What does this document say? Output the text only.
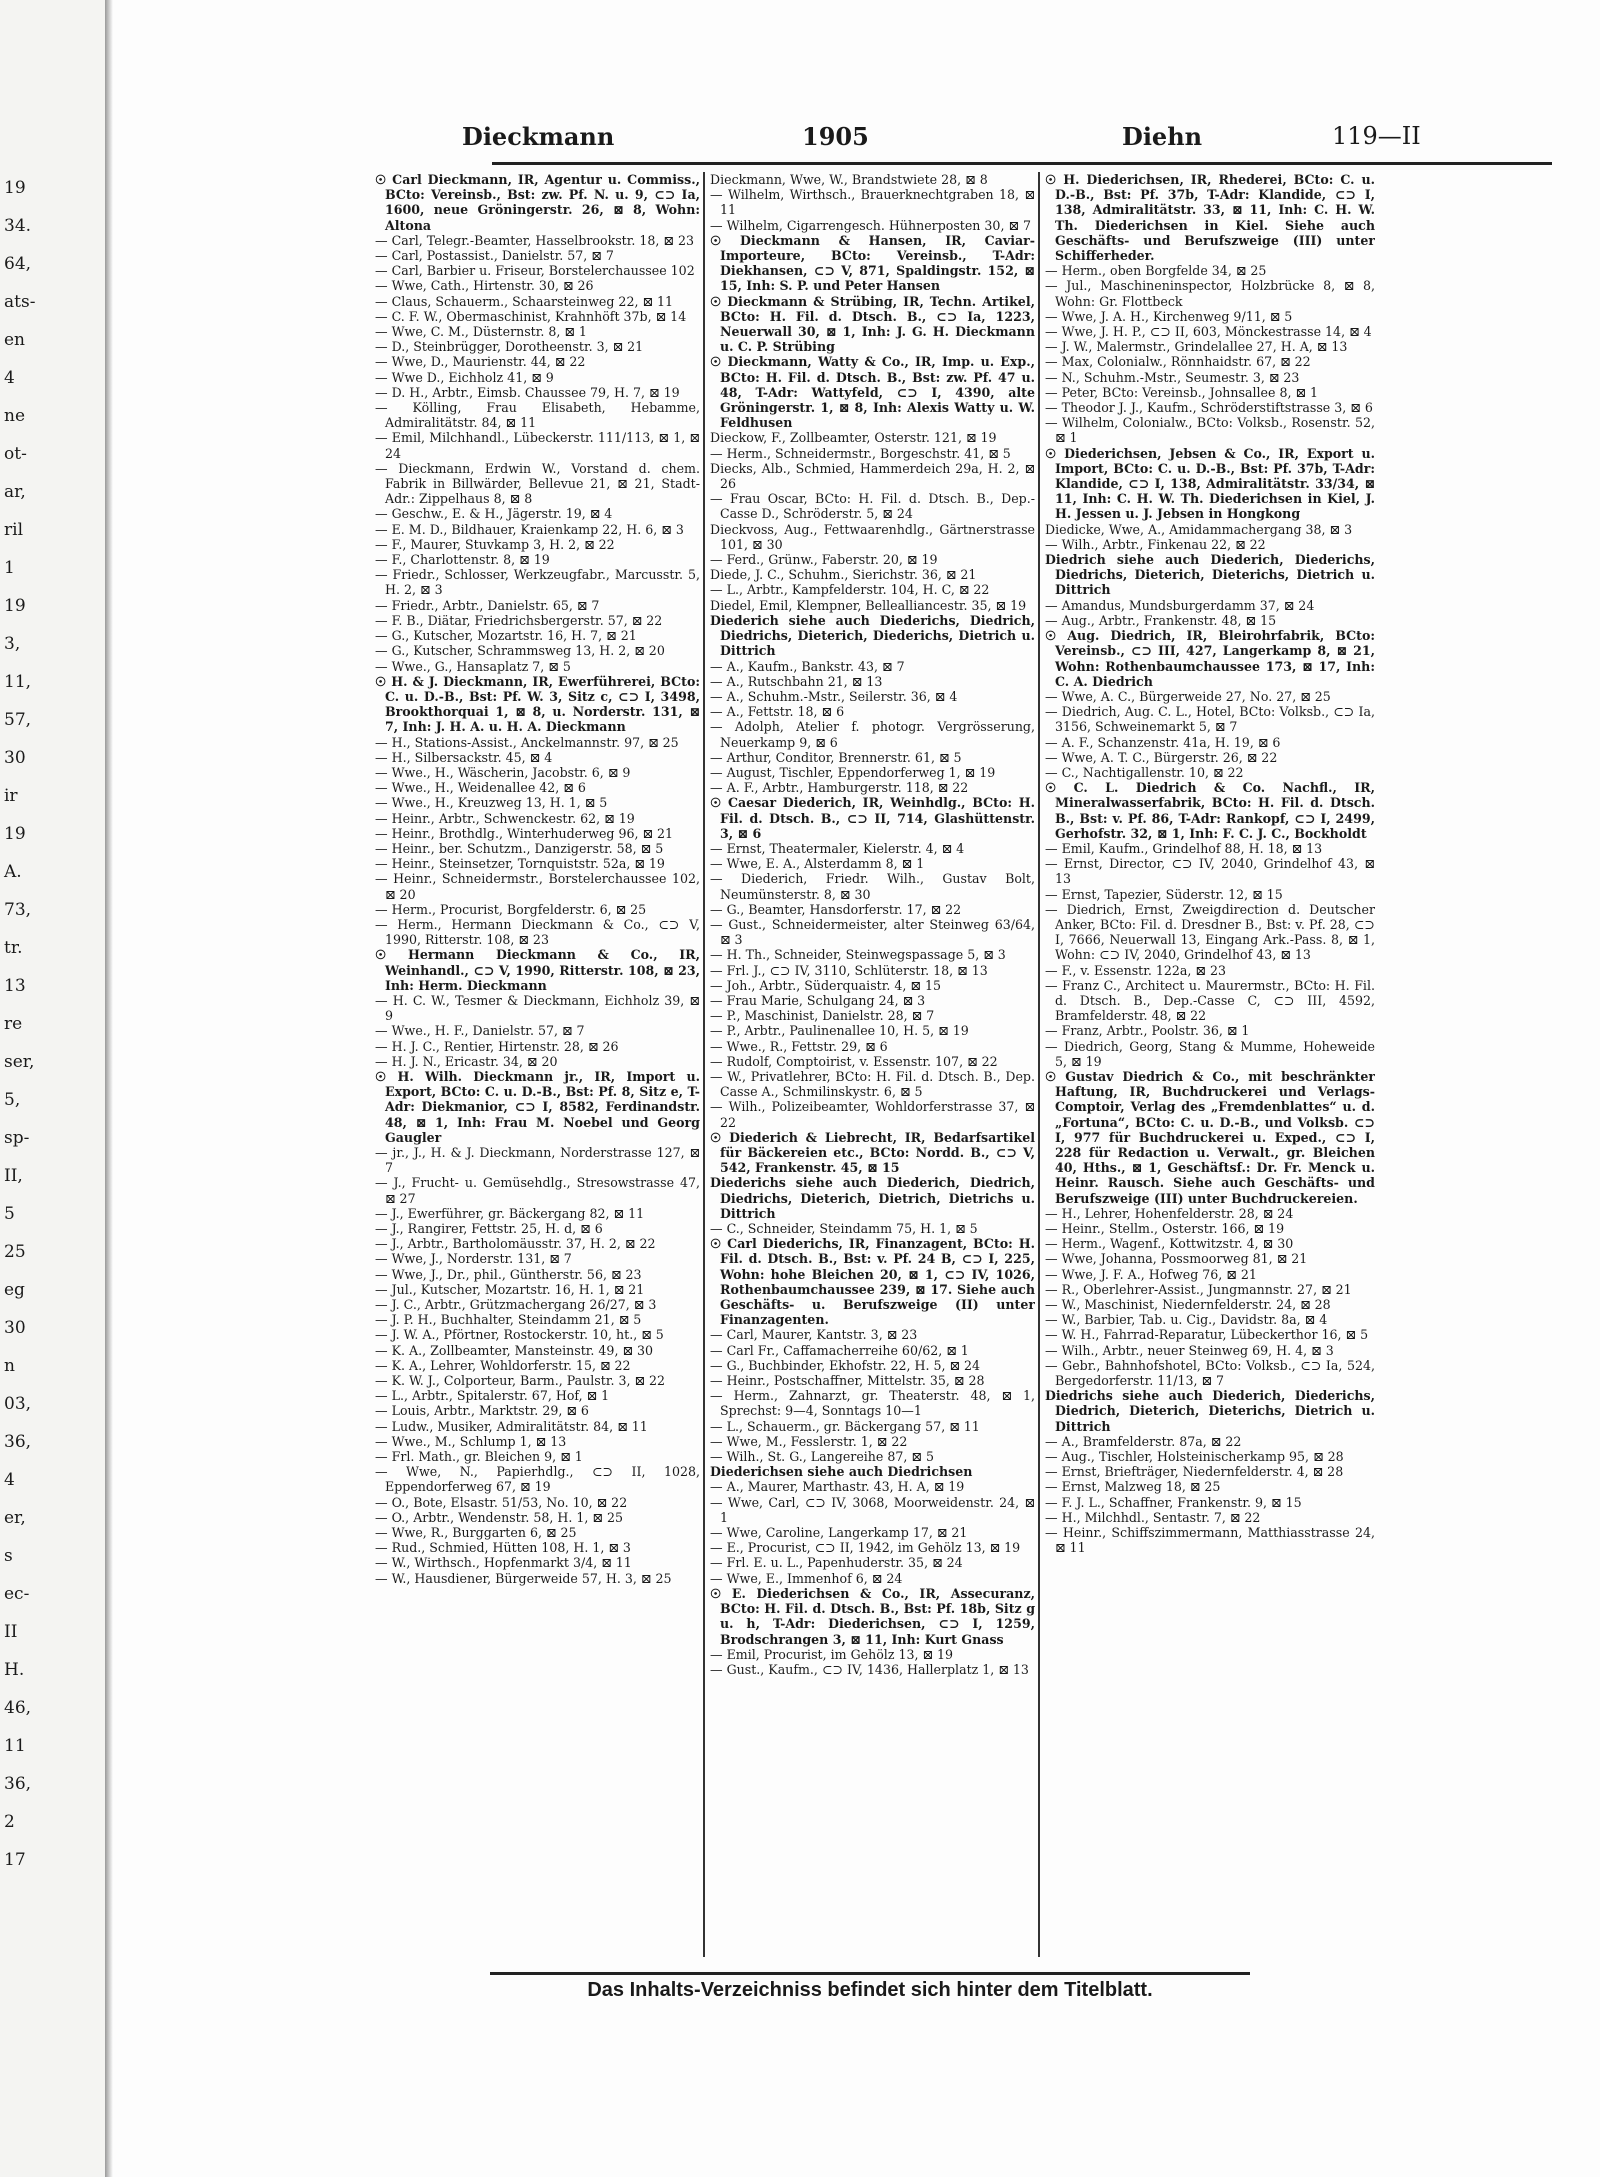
19
34.
64,
ats-
en
4
ne
ot-
ar,
ril
1
19
3,
11,
57,
30
ir
19
A.
73,
tr.
13
re
ser,
5,
sp-
II,
5
25
eg
30
n
03,
36,
4
er,
s
ec-
II
H.
46,
11
36,
2
17
Dieckmann	1905	Diehn	119—II

☉ Carl Dieckmann, IR, Agentur u. Commiss., BCto: Vereinsb., Bst: zw. Pf. N. u. 9, ⊂⊃ Ia, 1600, neue Gröningerstr. 26, ⊠ 8, Wohn: Altona

— Carl, Telegr.-Beamter, Hasselbrookstr. 18, ⊠ 23

— Carl, Postassist., Danielstr. 57, ⊠ 7

— Carl, Barbier u. Friseur, Borstelerchaussee 102

— Wwe, Cath., Hirtenstr. 30, ⊠ 26

— Claus, Schauerm., Schaarsteinweg 22, ⊠ 11

— C. F. W., Obermaschinist, Krahnhöft 37b, ⊠ 14

— Wwe, C. M., Düsternstr. 8, ⊠ 1

— D., Steinbrügger, Dorotheenstr. 3, ⊠ 21

— Wwe, D., Maurienstr. 44, ⊠ 22

— Wwe D., Eichholz 41, ⊠ 9

— D. H., Arbtr., Eimsb. Chaussee 79, H. 7, ⊠ 19

— Kölling, Frau Elisabeth, Hebamme, Admiralitätstr. 84, ⊠ 11

— Emil, Milchhandl., Lübeckerstr. 111/113, ⊠ 1, ⊠ 24

— Dieckmann, Erdwin W., Vorstand d. chem. Fabrik in Billwärder, Bellevue 21, ⊠ 21, Stadt-Adr.: Zippelhaus 8, ⊠ 8

— Geschw., E. & H., Jägerstr. 19, ⊠ 4

— E. M. D., Bildhauer, Kraienkamp 22, H. 6, ⊠ 3

— F., Maurer, Stuvkamp 3, H. 2, ⊠ 22

— F., Charlottenstr. 8, ⊠ 19

— Friedr., Schlosser, Werkzeugfabr., Marcusstr. 5, H. 2, ⊠ 3

— Friedr., Arbtr., Danielstr. 65, ⊠ 7

— F. B., Diätar, Friedrichsbergerstr. 57, ⊠ 22

— G., Kutscher, Mozartstr. 16, H. 7, ⊠ 21

— G., Kutscher, Schrammsweg 13, H. 2, ⊠ 20

— Wwe., G., Hansaplatz 7, ⊠ 5

☉ H. & J. Dieckmann, IR, Ewerführerei, BCto: C. u. D.-B., Bst: Pf. W. 3, Sitz c, ⊂⊃ I, 3498, Brookthorquai 1, ⊠ 8, u. Norderstr. 131, ⊠ 7, Inh: J. H. A. u. H. A. Dieckmann

— H., Stations-Assist., Anckelmannstr. 97, ⊠ 25

— H., Silbersackstr. 45, ⊠ 4

— Wwe., H., Wäscherin, Jacobstr. 6, ⊠ 9

— Wwe., H., Weidenallee 42, ⊠ 6

— Wwe., H., Kreuzweg 13, H. 1, ⊠ 5

— Heinr., Arbtr., Schwenckestr. 62, ⊠ 19

— Heinr., Brothdlg., Winterhuderweg 96, ⊠ 21

— Heinr., ber. Schutzm., Danzigerstr. 58, ⊠ 5

— Heinr., Steinsetzer, Tornquiststr. 52a, ⊠ 19

— Heinr., Schneidermstr., Borstelerchaussee 102, ⊠ 20

— Herm., Procurist, Borgfelderstr. 6, ⊠ 25

— Herm., Hermann Dieckmann & Co., ⊂⊃ V, 1990, Ritterstr. 108, ⊠ 23

☉ Hermann Dieckmann & Co., IR, Weinhandl., ⊂⊃ V, 1990, Ritterstr. 108, ⊠ 23, Inh: Herm. Dieckmann

— H. C. W., Tesmer & Dieckmann, Eichholz 39, ⊠ 9

— Wwe., H. F., Danielstr. 57, ⊠ 7

— H. J. C., Rentier, Hirtenstr. 28, ⊠ 26

— H. J. N., Ericastr. 34, ⊠ 20

☉ H. Wilh. Dieckmann jr., IR, Import u. Export, BCto: C. u. D.-B., Bst: Pf. 8, Sitz e, T-Adr: Diekmanior, ⊂⊃ I, 8582, Ferdinandstr. 48, ⊠ 1, Inh: Frau M. Noebel und Georg Gaugler

— jr., J., H. & J. Dieckmann, Norderstrasse 127, ⊠ 7

— J., Frucht- u. Gemüsehdlg., Stresowstrasse 47, ⊠ 27

— J., Ewerführer, gr. Bäckergang 82, ⊠ 11

— J., Rangirer, Fettstr. 25, H. d, ⊠ 6

— J., Arbtr., Bartholomäusstr. 37, H. 2, ⊠ 22

— Wwe, J., Norderstr. 131, ⊠ 7

— Wwe, J., Dr., phil., Güntherstr. 56, ⊠ 23

— Jul., Kutscher, Mozartstr. 16, H. 1, ⊠ 21

— J. C., Arbtr., Grützmachergang 26/27, ⊠ 3

— J. P. H., Buchhalter, Steindamm 21, ⊠ 5

— J. W. A., Pförtner, Rostockerstr. 10, ht., ⊠ 5

— K. A., Zollbeamter, Mansteinstr. 49, ⊠ 30

— K. A., Lehrer, Wohldorferstr. 15, ⊠ 22

— K. W. J., Colporteur, Barm., Paulstr. 3, ⊠ 22

— L., Arbtr., Spitalerstr. 67, Hof, ⊠ 1

— Louis, Arbtr., Marktstr. 29, ⊠ 6

— Ludw., Musiker, Admiralitätstr. 84, ⊠ 11

— Wwe., M., Schlump 1, ⊠ 13

— Frl. Math., gr. Bleichen 9, ⊠ 1

— Wwe, N., Papierhdlg., ⊂⊃ II, 1028, Eppendorferweg 67, ⊠ 19

— O., Bote, Elsastr. 51/53, No. 10, ⊠ 22

— O., Arbtr., Wendenstr. 58, H. 1, ⊠ 25

— Wwe, R., Burggarten 6, ⊠ 25

— Rud., Schmied, Hütten 108, H. 1, ⊠ 3

— W., Wirthsch., Hopfenmarkt 3/4, ⊠ 11

— W., Hausdiener, Bürgerweide 57, H. 3, ⊠ 25

Dieckmann, Wwe, W., Brandstwiete 28, ⊠ 8

— Wilhelm, Wirthsch., Brauerknechtgraben 18, ⊠ 11

— Wilhelm, Cigarrengesch. Hühnerposten 30, ⊠ 7

☉ Dieckmann & Hansen, IR, Caviar-Importeure, BCto: Vereinsb., T-Adr: Diekhansen, ⊂⊃ V, 871, Spaldingstr. 152, ⊠ 15, Inh: S. P. und Peter Hansen

☉ Dieckmann & Strübing, IR, Techn. Artikel, BCto: H. Fil. d. Dtsch. B., ⊂⊃ Ia, 1223, Neuerwall 30, ⊠ 1, Inh: J. G. H. Dieckmann u. C. P. Strübing

☉ Dieckmann, Watty & Co., IR, Imp. u. Exp., BCto: H. Fil. d. Dtsch. B., Bst: zw. Pf. 47 u. 48, T-Adr: Wattyfeld, ⊂⊃ I, 4390, alte Gröningerstr. 1, ⊠ 8, Inh: Alexis Watty u. W. Feldhusen

Dieckow, F., Zollbeamter, Osterstr. 121, ⊠ 19

— Herm., Schneidermstr., Borgeschstr. 41, ⊠ 5

Diecks, Alb., Schmied, Hammerdeich 29a, H. 2, ⊠ 26

— Frau Oscar, BCto: H. Fil. d. Dtsch. B., Dep.-Casse D., Schröderstr. 5, ⊠ 24

Dieckvoss, Aug., Fettwaarenhdlg., Gärtnerstrasse 101, ⊠ 30

— Ferd., Grünw., Faberstr. 20, ⊠ 19

Diede, J. C., Schuhm., Sierichstr. 36, ⊠ 21

— L., Arbtr., Kampfelderstr. 104, H. C, ⊠ 22

Diedel, Emil, Klempner, Bellealliancestr. 35, ⊠ 19

Diederich siehe auch Diederichs, Diedrich, Diedrichs, Dieterich, Diederichs, Dietrich u. Dittrich

— A., Kaufm., Bankstr. 43, ⊠ 7

— A., Rutschbahn 21, ⊠ 13

— A., Schuhm.-Mstr., Seilerstr. 36, ⊠ 4

— A., Fettstr. 18, ⊠ 6

— Adolph, Atelier f. photogr. Vergrösserung, Neuerkamp 9, ⊠ 6

— Arthur, Conditor, Brennerstr. 61, ⊠ 5

— August, Tischler, Eppendorferweg 1, ⊠ 19

— A. F., Arbtr., Hamburgerstr. 118, ⊠ 22

☉ Caesar Diederich, IR, Weinhdlg., BCto: H. Fil. d. Dtsch. B., ⊂⊃ II, 714, Glashüttenstr. 3, ⊠ 6

— Ernst, Theatermaler, Kielerstr. 4, ⊠ 4

— Wwe, E. A., Alsterdamm 8, ⊠ 1

— Diederich, Friedr. Wilh., Gustav Bolt, Neumünsterstr. 8, ⊠ 30

— G., Beamter, Hansdorferstr. 17, ⊠ 22

— Gust., Schneidermeister, alter Steinweg 63/64, ⊠ 3

— H. Th., Schneider, Steinwegspassage 5, ⊠ 3

— Frl. J., ⊂⊃ IV, 3110, Schlüterstr. 18, ⊠ 13

— Joh., Arbtr., Süderquaistr. 4, ⊠ 15

— Frau Marie, Schulgang 24, ⊠ 3

— P., Maschinist, Danielstr. 28, ⊠ 7

— P., Arbtr., Paulinenallee 10, H. 5, ⊠ 19

— Wwe., R., Fettstr. 29, ⊠ 6

— Rudolf, Comptoirist, v. Essenstr. 107, ⊠ 22

— W., Privatlehrer, BCto: H. Fil. d. Dtsch. B., Dep. Casse A., Schmilinskystr. 6, ⊠ 5

— Wilh., Polizeibeamter, Wohldorferstrasse 37, ⊠ 22

☉ Diederich & Liebrecht, IR, Bedarfsartikel für Bäckereien etc., BCto: Nordd. B., ⊂⊃ V, 542, Frankenstr. 45, ⊠ 15

Diederichs siehe auch Diederich, Diedrich, Diedrichs, Dieterich, Dietrich, Dietrichs u. Dittrich

— C., Schneider, Steindamm 75, H. 1, ⊠ 5

☉ Carl Diederichs, IR, Finanzagent, BCto: H. Fil. d. Dtsch. B., Bst: v. Pf. 24 B, ⊂⊃ I, 225, Wohn: hohe Bleichen 20, ⊠ 1, ⊂⊃ IV, 1026, Rothenbaumchaussee 239, ⊠ 17. Siehe auch Geschäfts- u. Berufszweige (II) unter Finanzagenten.

— Carl, Maurer, Kantstr. 3, ⊠ 23

— Carl Fr., Caffamacherreihe 60/62, ⊠ 1

— G., Buchbinder, Ekhofstr. 22, H. 5, ⊠ 24

— Heinr., Postschaffner, Mittelstr. 35, ⊠ 28

— Herm., Zahnarzt, gr. Theaterstr. 48, ⊠ 1, Sprechst: 9—4, Sonntags 10—1

— L., Schauerm., gr. Bäckergang 57, ⊠ 11

— Wwe, M., Fesslerstr. 1, ⊠ 22

— Wilh., St. G., Langereihe 87, ⊠ 5

Diederichsen siehe auch Diedrichsen

— A., Maurer, Marthastr. 43, H. A, ⊠ 19

— Wwe, Carl, ⊂⊃ IV, 3068, Moorweidenstr. 24, ⊠ 1

— Wwe, Caroline, Langerkamp 17, ⊠ 21

— E., Procurist, ⊂⊃ II, 1942, im Gehölz 13, ⊠ 19

— Frl. E. u. L., Papenhuderstr. 35, ⊠ 24

— Wwe, E., Immenhof 6, ⊠ 24

☉ E. Diederichsen & Co., IR, Assecuranz, BCto: H. Fil. d. Dtsch. B., Bst: Pf. 18b, Sitz g u. h, T-Adr: Diederichsen, ⊂⊃ I, 1259, Brodschrangen 3, ⊠ 11, Inh: Kurt Gnass

— Emil, Procurist, im Gehölz 13, ⊠ 19

— Gust., Kaufm., ⊂⊃ IV, 1436, Hallerplatz 1, ⊠ 13

☉ H. Diederichsen, IR, Rhederei, BCto: C. u. D.-B., Bst: Pf. 37b, T-Adr: Klandide, ⊂⊃ I, 138, Admiralitätstr. 33, ⊠ 11, Inh: C. H. W. Th. Diederichsen in Kiel. Siehe auch Geschäfts- und Berufszweige (III) unter Schifferheder.

— Herm., oben Borgfelde 34, ⊠ 25

— Jul., Maschineninspector, Holzbrücke 8, ⊠ 8, Wohn: Gr. Flottbeck

— Wwe, J. A. H., Kirchenweg 9/11, ⊠ 5

— Wwe, J. H. P., ⊂⊃ II, 603, Mönckestrasse 14, ⊠ 4

— J. W., Malermstr., Grindelallee 27, H. A, ⊠ 13

— Max, Colonialw., Rönnhaidstr. 67, ⊠ 22

— N., Schuhm.-Mstr., Seumestr. 3, ⊠ 23

— Peter, BCto: Vereinsb., Johnsallee 8, ⊠ 1

— Theodor J. J., Kaufm., Schröderstiftstrasse 3, ⊠ 6

— Wilhelm, Colonialw., BCto: Volksb., Rosenstr. 52, ⊠ 1

☉ Diederichsen, Jebsen & Co., IR, Export u. Import, BCto: C. u. D.-B., Bst: Pf. 37b, T-Adr: Klandide, ⊂⊃ I, 138, Admiralitätstr. 33/34, ⊠ 11, Inh: C. H. W. Th. Diederichsen in Kiel, J. H. Jessen u. J. Jebsen in Hongkong

Diedicke, Wwe, A., Amidammachergang 38, ⊠ 3

— Wilh., Arbtr., Finkenau 22, ⊠ 22

Diedrich siehe auch Diederich, Diederichs, Diedrichs, Dieterich, Dieterichs, Dietrich u. Dittrich

— Amandus, Mundsburgerdamm 37, ⊠ 24

— Aug., Arbtr., Frankenstr. 48, ⊠ 15

☉ Aug. Diedrich, IR, Bleirohrfabrik, BCto: Vereinsb., ⊂⊃ III, 427, Langerkamp 8, ⊠ 21, Wohn: Rothenbaumchaussee 173, ⊠ 17, Inh: C. A. Diedrich

— Wwe, A. C., Bürgerweide 27, No. 27, ⊠ 25

— Diedrich, Aug. C. L., Hotel, BCto: Volksb., ⊂⊃ Ia, 3156, Schweinemarkt 5, ⊠ 7

— A. F., Schanzenstr. 41a, H. 19, ⊠ 6

— Wwe, A. T. C., Bürgerstr. 26, ⊠ 22

— C., Nachtigallenstr. 10, ⊠ 22

☉ C. L. Diedrich & Co. Nachfl., IR, Mineralwasserfabrik, BCto: H. Fil. d. Dtsch. B., Bst: v. Pf. 86, T-Adr: Rankopf, ⊂⊃ I, 2499, Gerhofstr. 32, ⊠ 1, Inh: F. C. J. C., Bockholdt

— Emil, Kaufm., Grindelhof 88, H. 18, ⊠ 13

— Ernst, Director, ⊂⊃ IV, 2040, Grindelhof 43, ⊠ 13

— Ernst, Tapezier, Süderstr. 12, ⊠ 15

— Diedrich, Ernst, Zweigdirection d. Deutscher Anker, BCto: Fil. d. Dresdner B., Bst: v. Pf. 28, ⊂⊃ I, 7666, Neuerwall 13, Eingang Ark.-Pass. 8, ⊠ 1, Wohn: ⊂⊃ IV, 2040, Grindelhof 43, ⊠ 13

— F., v. Essenstr. 122a, ⊠ 23

— Franz C., Architect u. Maurermstr., BCto: H. Fil. d. Dtsch. B., Dep.-Casse C, ⊂⊃ III, 4592, Bramfelderstr. 48, ⊠ 22

— Franz, Arbtr., Poolstr. 36, ⊠ 1

— Diedrich, Georg, Stang & Mumme, Hoheweide 5, ⊠ 19

☉ Gustav Diedrich & Co., mit beschränkter Haftung, IR, Buchdruckerei und Verlags-Comptoir, Verlag des „Fremdenblattes“ u. d. „Fortuna“, BCto: C. u. D.-B., und Volksb. ⊂⊃ I, 977 für Buchdruckerei u. Exped., ⊂⊃ I, 228 für Redaction u. Verwalt., gr. Bleichen 40, Hths., ⊠ 1, Geschäftsf.: Dr. Fr. Menck u. Heinr. Rausch. Siehe auch Geschäfts- und Berufszweige (III) unter Buchdruckereien.

— H., Lehrer, Hohenfelderstr. 28, ⊠ 24

— Heinr., Stellm., Osterstr. 166, ⊠ 19

— Herm., Wagenf., Kottwitzstr. 4, ⊠ 30

— Wwe, Johanna, Possmoorweg 81, ⊠ 21

— Wwe, J. F. A., Hofweg 76, ⊠ 21

— R., Oberlehrer-Assist., Jungmannstr. 27, ⊠ 21

— W., Maschinist, Niedernfelderstr. 24, ⊠ 28

— W., Barbier, Tab. u. Cig., Davidstr. 8a, ⊠ 4

— W. H., Fahrrad-Reparatur, Lübeckerthor 16, ⊠ 5

— Wilh., Arbtr., neuer Steinweg 69, H. 4, ⊠ 3

— Gebr., Bahnhofshotel, BCto: Volksb., ⊂⊃ Ia, 524, Bergedorferstr. 11/13, ⊠ 7

Diedrichs siehe auch Diederich, Diederichs, Diedrich, Dieterich, Dieterichs, Dietrich u. Dittrich

— A., Bramfelderstr. 87a, ⊠ 22

— Aug., Tischler, Holsteinischerkamp 95, ⊠ 28

— Ernst, Briefträger, Niedernfelderstr. 4, ⊠ 28

— Ernst, Malzweg 18, ⊠ 25

— F. J. L., Schaffner, Frankenstr. 9, ⊠ 15

— H., Milchhdl., Sentastr. 7, ⊠ 22

— Heinr., Schiffszimmermann, Matthiasstrasse 24, ⊠ 11

Das Inhalts-Verzeichniss befindet sich hinter dem Titelblatt.
